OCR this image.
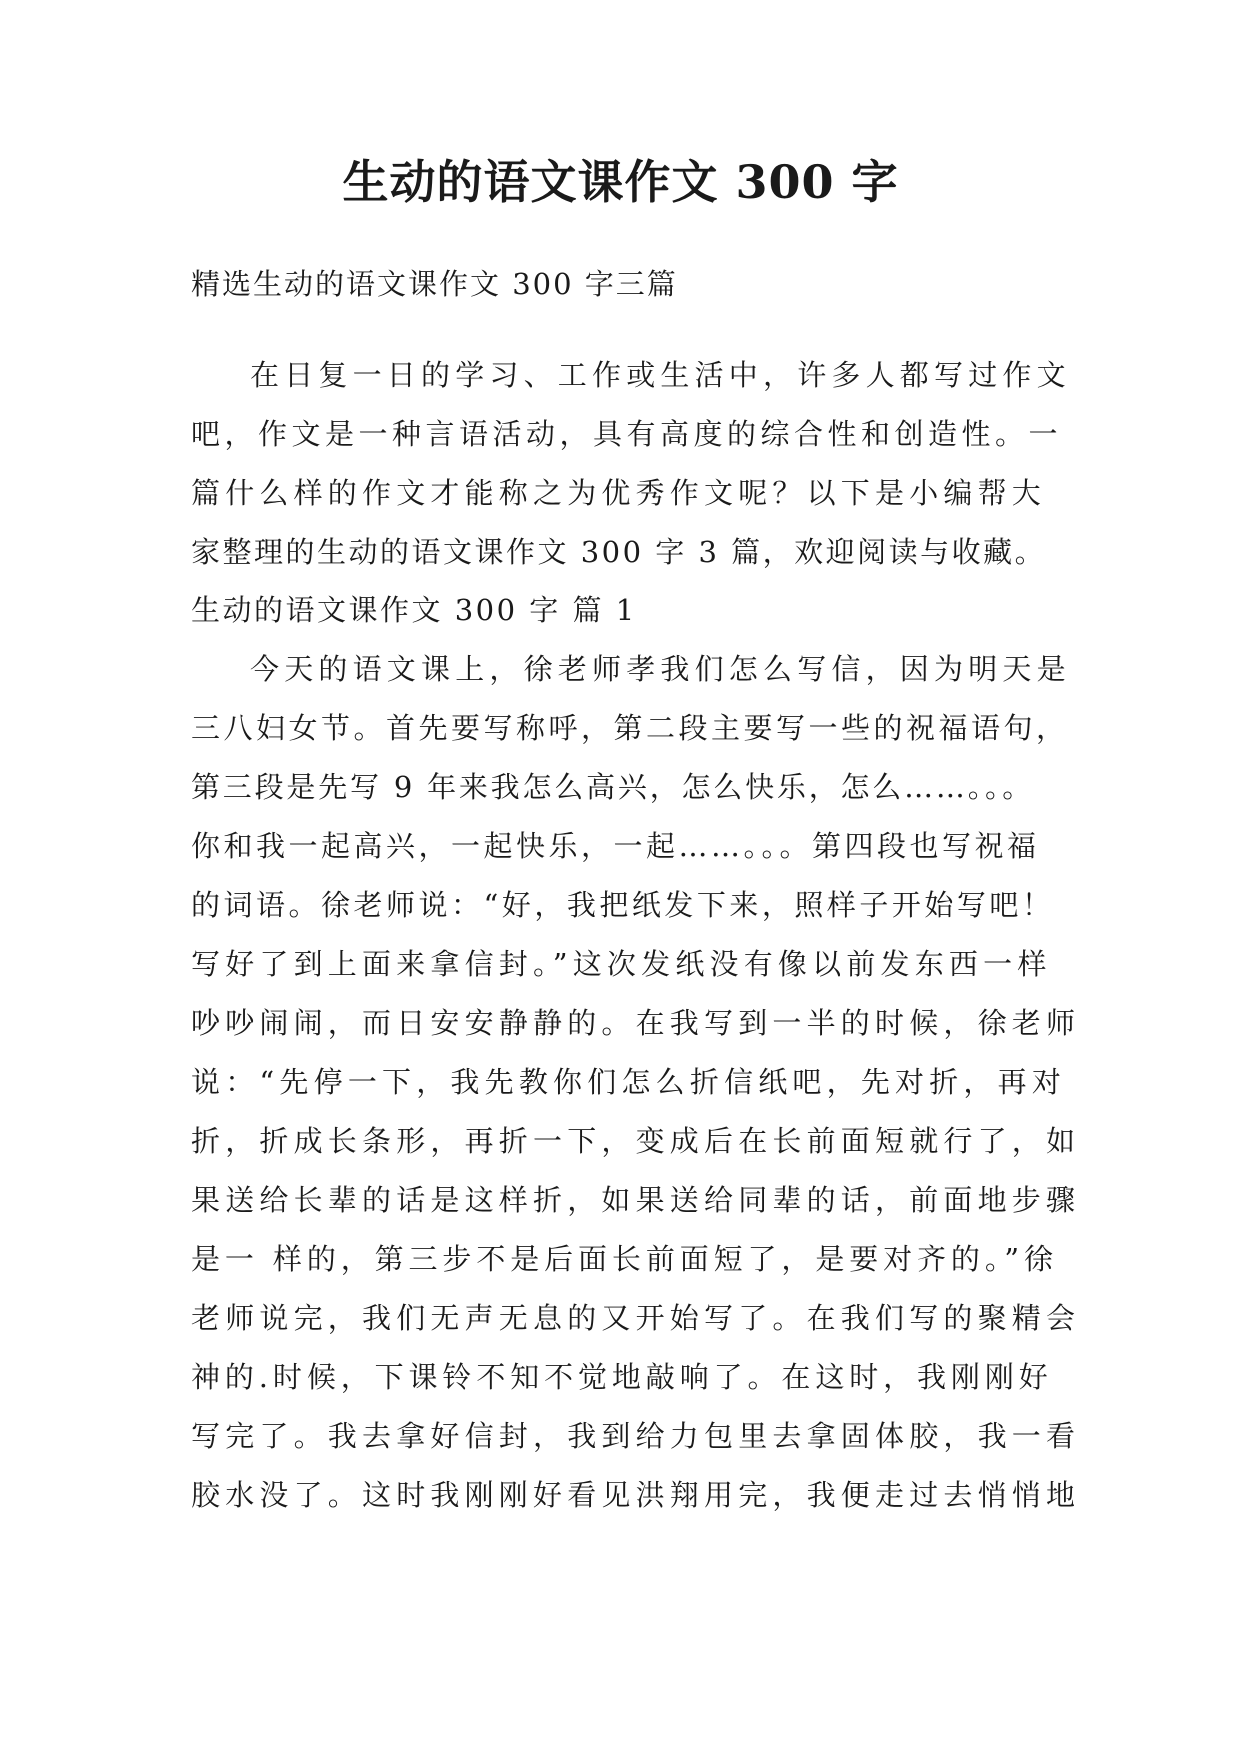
生动的语文课作文 300 字

精选生动的语文课作文 300 字三篇

在日复一日的学习、工作或生活中，许多人都写过作文

吧，作文是一种言语活动，具有高度的综合性和创造性。一

篇什么样的作文才能称之为优秀作文呢？以下是小编帮大

家整理的生动的语文课作文 300 字 3 篇，欢迎阅读与收藏。

生动的语文课作文 300 字 篇 1

今天的语文课上，徐老师孝我们怎么写信，因为明天是

三八妇女节。首先要写称呼，第二段主要写一些的祝福语句，

第三段是先写 9 年来我怎么高兴，怎么快乐，怎么……。。。

你和我一起高兴，一起快乐，一起……。。。第四段也写祝福

的词语。徐老师说：“好，我把纸发下来，照样子开始写吧！

写好了到上面来拿信封。”这次发纸没有像以前发东西一样

吵吵闹闹，而日安安静静的。在我写到一半的时候，徐老师

说：“先停一下，我先教你们怎么折信纸吧，先对折，再对

折，折成长条形，再折一下，变成后在长前面短就行了，如

果送给长辈的话是这样折，如果送给同辈的话，前面地步骤

是一 样的，第三步不是后面长前面短了，是要对齐的。”徐

老师说完，我们无声无息的又开始写了。在我们写的聚精会

神的.时候，下课铃不知不觉地敲响了。在这时，我刚刚好

写完了。我去拿好信封，我到给力包里去拿固体胶，我一看

胶水没了。这时我刚刚好看见洪翔用完，我便走过去悄悄地
